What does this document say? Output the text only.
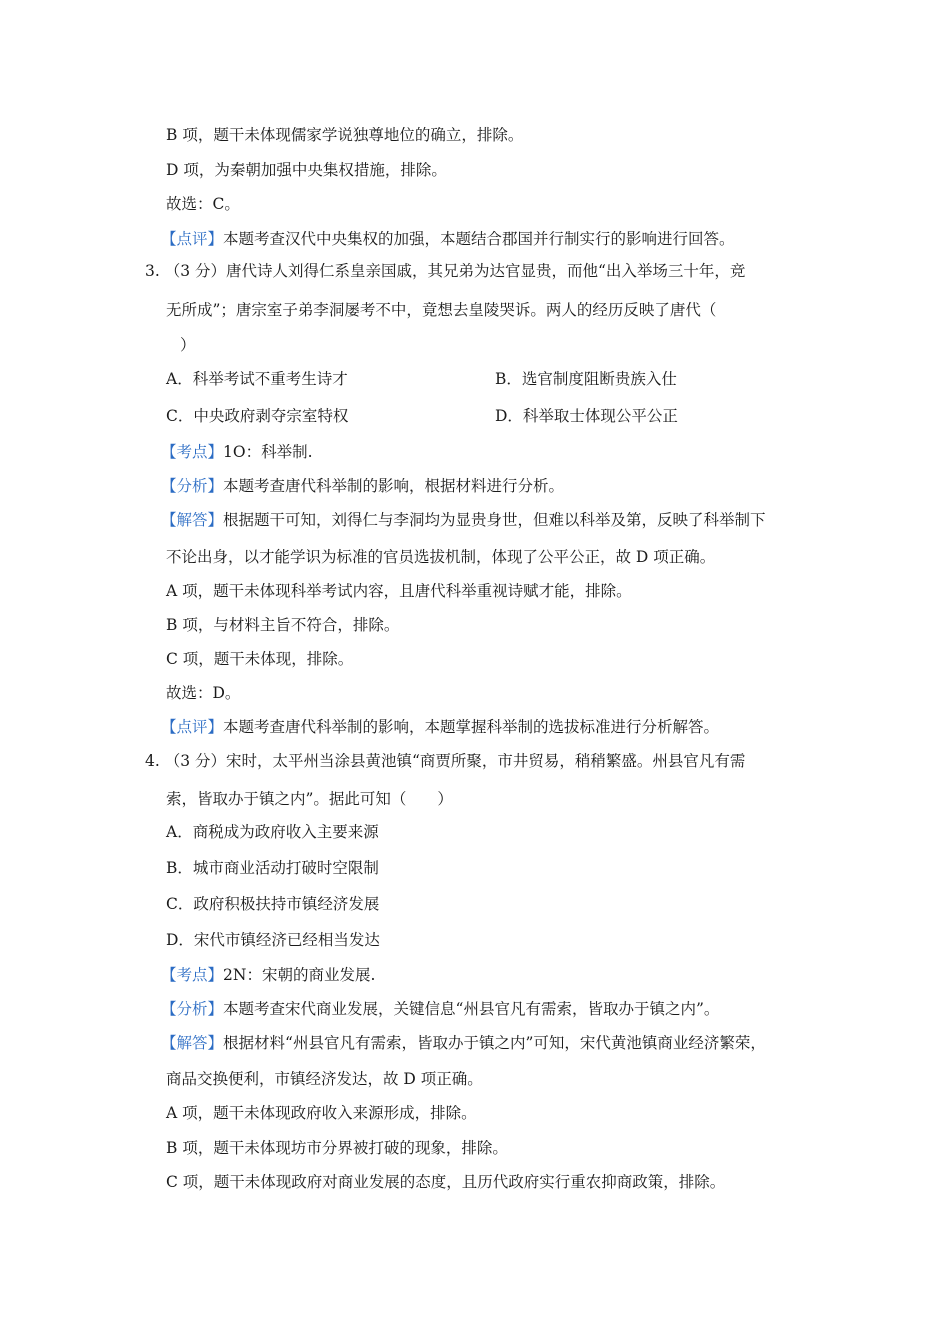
B 项，题干未体现儒家学说独尊地位的确立，排除。
D 项，为秦朝加强中央集权措施，排除。
故选：C。
【点评】本题考查汉代中央集权的加强，本题结合郡国并行制实行的影响进行回答。
3. （3 分）唐代诗人刘得仁系皇亲国戚，其兄弟为达官显贵，而他“出入举场三十年，竞
无所成”；唐宗室子弟李洞屡考不中，竟想去皇陵哭诉。两人的经历反映了唐代（
）
A．科举考试不重考生诗才	B．选官制度阻断贵族入仕
C．中央政府剥夺宗室特权	D．科举取士体现公平公正
【考点】1O：科举制.
【分析】本题考查唐代科举制的影响，根据材料进行分析。
【解答】根据题干可知，刘得仁与李洞均为显贵身世，但难以科举及第，反映了科举制下
不论出身，以才能学识为标准的官员选拔机制，体现了公平公正，故 D 项正确。
A 项，题干未体现科举考试内容，且唐代科举重视诗赋才能，排除。
B 项，与材料主旨不符合，排除。
C 项，题干未体现，排除。
故选：D。
【点评】本题考查唐代科举制的影响，本题掌握科举制的选拔标准进行分析解答。
4. （3 分）宋时，太平州当涂县黄池镇“商贾所聚，市井贸易，稍稍繁盛。州县官凡有需
索，皆取办于镇之内”。据此可知（　　）
A．商税成为政府收入主要来源
B．城市商业活动打破时空限制
C．政府积极扶持市镇经济发展
D．宋代市镇经济已经相当发达
【考点】2N：宋朝的商业发展.
【分析】本题考查宋代商业发展，关键信息“州县官凡有需索，皆取办于镇之内”。
【解答】根据材料“州县官凡有需索，皆取办于镇之内”可知，宋代黄池镇商业经济繁荣，
商品交换便利，市镇经济发达，故 D 项正确。
A 项，题干未体现政府收入来源形成，排除。
B 项，题干未体现坊市分界被打破的现象，排除。
C 项，题干未体现政府对商业发展的态度，且历代政府实行重农抑商政策，排除。
